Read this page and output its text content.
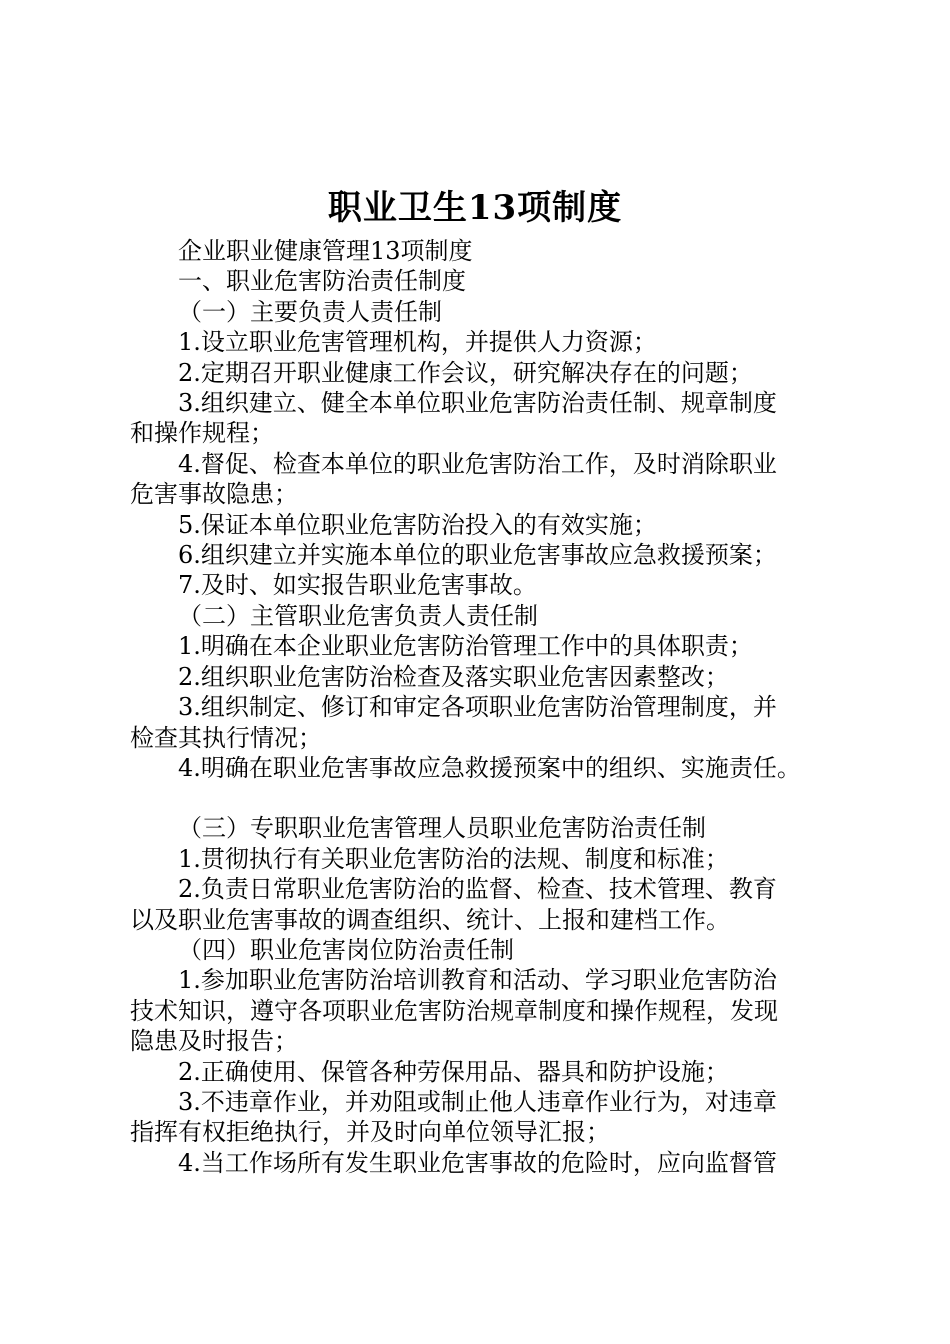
职业卫生13项制度

企业职业健康管理13项制度

一、职业危害防治责任制度

（一）主要负责人责任制

1.设立职业危害管理机构，并提供人力资源；

2.定期召开职业健康工作会议，研究解决存在的问题；

3.组织建立、健全本单位职业危害防治责任制、规章制度

和操作规程；

4.督促、检查本单位的职业危害防治工作，及时消除职业

危害事故隐患；

5.保证本单位职业危害防治投入的有效实施；

6.组织建立并实施本单位的职业危害事故应急救援预案；

7.及时、如实报告职业危害事故。

（二）主管职业危害负责人责任制

1.明确在本企业职业危害防治管理工作中的具体职责；

2.组织职业危害防治检查及落实职业危害因素整改；

3.组织制定、修订和审定各项职业危害防治管理制度，并

检查其执行情况；

4.明确在职业危害事故应急救援预案中的组织、实施责任。

（三）专职职业危害管理人员职业危害防治责任制

1.贯彻执行有关职业危害防治的法规、制度和标准；

2.负责日常职业危害防治的监督、检查、技术管理、教育

以及职业危害事故的调查组织、统计、上报和建档工作。

（四）职业危害岗位防治责任制

1.参加职业危害防治培训教育和活动、学习职业危害防治

技术知识，遵守各项职业危害防治规章制度和操作规程，发现

隐患及时报告；

2.正确使用、保管各种劳保用品、器具和防护设施；

3.不违章作业，并劝阻或制止他人违章作业行为，对违章

指挥有权拒绝执行，并及时向单位领导汇报；

4.当工作场所有发生职业危害事故的危险时，应向监督管
